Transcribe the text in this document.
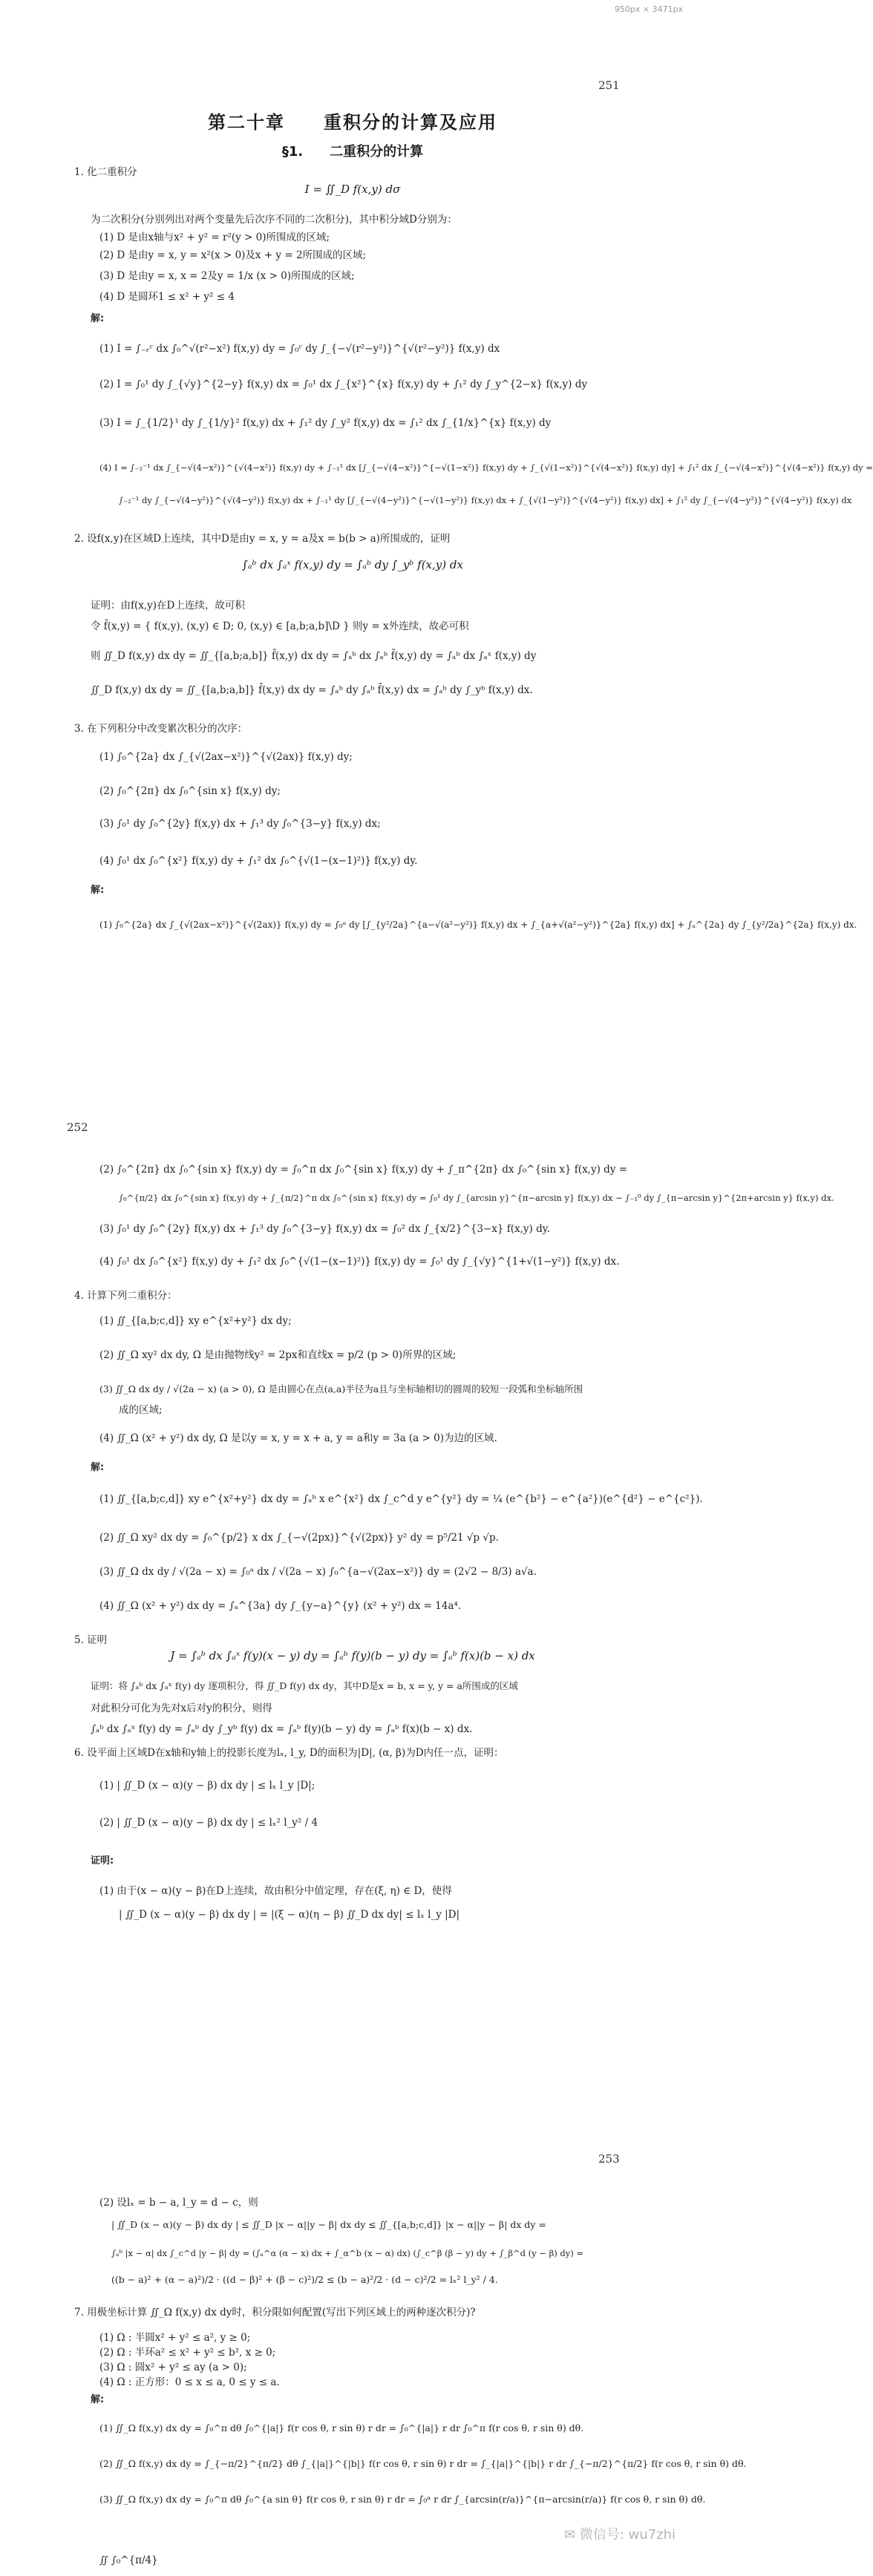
950px × 3471px
251
第二十章　　重积分的计算及应用
§1.　　二重积分的计算
1. 化二重积分
I = ∬_D f(x,y) dσ
为二次积分(分别列出对两个变量先后次序不同的二次积分)，其中积分域D分别为：
(1) D 是由x轴与x² + y² = r²(y > 0)所围成的区域;
(2) D 是由y = x, y = x²(x > 0)及x + y = 2所围成的区域;
(3) D 是由y = x, x = 2及y = 1/x (x > 0)所围成的区域;
(4) D 是圆环1 ≤ x² + y² ≤ 4
解:
(1) I = ∫₋ᵣʳ dx ∫₀^√(r²−x²) f(x,y) dy = ∫₀ʳ dy ∫_{−√(r²−y²)}^{√(r²−y²)} f(x,y) dx
(2) I = ∫₀¹ dy ∫_{√y}^{2−y} f(x,y) dx = ∫₀¹ dx ∫_{x²}^{x} f(x,y) dy + ∫₁² dy ∫_y^{2−x} f(x,y) dy
(3) I = ∫_{1/2}¹ dy ∫_{1/y}² f(x,y) dx + ∫₁² dy ∫_y² f(x,y) dx = ∫₁² dx ∫_{1/x}^{x} f(x,y) dy
(4) I = ∫₋₂⁻¹ dx ∫_{−√(4−x²)}^{√(4−x²)} f(x,y) dy + ∫₋₁¹ dx [∫_{−√(4−x²)}^{−√(1−x²)} f(x,y) dy + ∫_{√(1−x²)}^{√(4−x²)} f(x,y) dy] + ∫₁² dx ∫_{−√(4−x²)}^{√(4−x²)} f(x,y) dy =
∫₋₂⁻¹ dy ∫_{−√(4−y²)}^{√(4−y²)} f(x,y) dx + ∫₋₁¹ dy [∫_{−√(4−y²)}^{−√(1−y²)} f(x,y) dx + ∫_{√(1−y²)}^{√(4−y²)} f(x,y) dx] + ∫₁² dy ∫_{−√(4−y²)}^{√(4−y²)} f(x,y) dx
2. 设f(x,y)在区域D上连续，其中D是由y = x, y = a及x = b(b > a)所围成的，证明
∫ₐᵇ dx ∫ₐˣ f(x,y) dy = ∫ₐᵇ dy ∫_yᵇ f(x,y) dx
证明：由f(x,y)在D上连续，故可积
令 f̄(x,y) = { f(x,y), (x,y) ∈ D; 0, (x,y) ∈ [a,b;a,b]\D } 则y = x外连续，故必可积
则 ∬_D f(x,y) dx dy = ∬_{[a,b;a,b]} f̄(x,y) dx dy = ∫ₐᵇ dx ∫ₐᵇ f̄(x,y) dy = ∫ₐᵇ dx ∫ₐˣ f(x,y) dy
∬_D f(x,y) dx dy = ∬_{[a,b;a,b]} f̄(x,y) dx dy = ∫ₐᵇ dy ∫ₐᵇ f̄(x,y) dx = ∫ₐᵇ dy ∫_yᵇ f(x,y) dx.
3. 在下列积分中改变累次积分的次序：
(1) ∫₀^{2a} dx ∫_{√(2ax−x²)}^{√(2ax)} f(x,y) dy;
(2) ∫₀^{2π} dx ∫₀^{sin x} f(x,y) dy;
(3) ∫₀¹ dy ∫₀^{2y} f(x,y) dx + ∫₁³ dy ∫₀^{3−y} f(x,y) dx;
(4) ∫₀¹ dx ∫₀^{x²} f(x,y) dy + ∫₁² dx ∫₀^{√(1−(x−1)²)} f(x,y) dy.
解:
(1) ∫₀^{2a} dx ∫_{√(2ax−x²)}^{√(2ax)} f(x,y) dy = ∫₀ᵃ dy [∫_{y²/2a}^{a−√(a²−y²)} f(x,y) dx + ∫_{a+√(a²−y²)}^{2a} f(x,y) dx] + ∫ₐ^{2a} dy ∫_{y²/2a}^{2a} f(x,y) dx.
252
(2) ∫₀^{2π} dx ∫₀^{sin x} f(x,y) dy = ∫₀^π dx ∫₀^{sin x} f(x,y) dy + ∫_π^{2π} dx ∫₀^{sin x} f(x,y) dy =
∫₀^{π/2} dx ∫₀^{sin x} f(x,y) dy + ∫_{π/2}^π dx ∫₀^{sin x} f(x,y) dy = ∫₀¹ dy ∫_{arcsin y}^{π−arcsin y} f(x,y) dx − ∫₋₁⁰ dy ∫_{π−arcsin y}^{2π+arcsin y} f(x,y) dx.
(3) ∫₀¹ dy ∫₀^{2y} f(x,y) dx + ∫₁³ dy ∫₀^{3−y} f(x,y) dx = ∫₀² dx ∫_{x/2}^{3−x} f(x,y) dy.
(4) ∫₀¹ dx ∫₀^{x²} f(x,y) dy + ∫₁² dx ∫₀^{√(1−(x−1)²)} f(x,y) dy = ∫₀¹ dy ∫_{√y}^{1+√(1−y²)} f(x,y) dx.
4. 计算下列二重积分：
(1) ∬_{[a,b;c,d]} xy e^{x²+y²} dx dy;
(2) ∬_Ω xy² dx dy, Ω 是由抛物线y² = 2px和直线x = p/2 (p > 0)所界的区域;
(3) ∬_Ω dx dy / √(2a − x) (a > 0), Ω 是由圆心在点(a,a)半径为a且与坐标轴相切的圆周的较短一段弧和坐标轴所围
成的区域;
(4) ∬_Ω (x² + y²) dx dy, Ω 是以y = x, y = x + a, y = a和y = 3a (a > 0)为边的区域.
解:
(1) ∬_{[a,b;c,d]} xy e^{x²+y²} dx dy = ∫ₐᵇ x e^{x²} dx ∫_c^d y e^{y²} dy = ¼ (e^{b²} − e^{a²})(e^{d²} − e^{c²}).
(2) ∬_Ω xy² dx dy = ∫₀^{p/2} x dx ∫_{−√(2px)}^{√(2px)} y² dy = p⁵/21 √p √p.
(3) ∬_Ω dx dy / √(2a − x) = ∫₀ᵃ dx / √(2a − x) ∫₀^{a−√(2ax−x²)} dy = (2√2 − 8/3) a√a.
(4) ∬_Ω (x² + y²) dx dy = ∫ₐ^{3a} dy ∫_{y−a}^{y} (x² + y²) dx = 14a⁴.
5. 证明
J = ∫ₐᵇ dx ∫ₐˣ f(y)(x − y) dy = ∫ₐᵇ f(y)(b − y) dy = ∫ₐᵇ f(x)(b − x) dx
证明：将 ∫ₐᵇ dx ∫ₐˣ f(y) dy 逐项积分，得 ∬_D f(y) dx dy，其中D是x = b, x = y, y = a所围成的区域
对此积分可化为先对x后对y的积分，则得
∫ₐᵇ dx ∫ₐˣ f(y) dy = ∫ₐᵇ dy ∫_yᵇ f(y) dx = ∫ₐᵇ f(y)(b − y) dy = ∫ₐᵇ f(x)(b − x) dx.
6. 设平面上区域D在x轴和y轴上的投影长度为lₓ, l_y, D的面积为|D|, (α, β)为D内任一点，证明：
(1) | ∬_D (x − α)(y − β) dx dy | ≤ lₓ l_y |D|;
(2) | ∬_D (x − α)(y − β) dx dy | ≤ lₓ² l_y² / 4
证明:
(1) 由于(x − α)(y − β)在D上连续，故由积分中值定理，存在(ξ, η) ∈ D，使得
| ∬_D (x − α)(y − β) dx dy | = |(ξ − α)(η − β) ∬_D dx dy| ≤ lₓ l_y |D|
253
(2) 设lₓ = b − a, l_y = d − c，则
| ∬_D (x − α)(y − β) dx dy | ≤ ∬_D |x − α||y − β| dx dy ≤ ∬_{[a,b;c,d]} |x − α||y − β| dx dy =
∫ₐᵇ |x − α| dx ∫_c^d |y − β| dy = (∫ₐ^α (α − x) dx + ∫_α^b (x − α) dx) (∫_c^β (β − y) dy + ∫_β^d (y − β) dy) =
((b − a)² + (α − a)²)/2 · ((d − β)² + (β − c)²)/2 ≤ (b − a)²/2 · (d − c)²/2 = lₓ² l_y² / 4.
7. 用极坐标计算 ∬_Ω f(x,y) dx dy时，积分限如何配置(写出下列区域上的两种逐次积分)?
(1) Ω : 半圆x² + y² ≤ a², y ≥ 0;
(2) Ω : 半环a² ≤ x² + y² ≤ b², x ≥ 0;
(3) Ω : 圆x² + y² ≤ ay (a > 0);
(4) Ω : 正方形：0 ≤ x ≤ a, 0 ≤ y ≤ a.
解:
(1) ∬_Ω f(x,y) dx dy = ∫₀^π dθ ∫₀^{|a|} f(r cos θ, r sin θ) r dr = ∫₀^{|a|} r dr ∫₀^π f(r cos θ, r sin θ) dθ.
(2) ∬_Ω f(x,y) dx dy = ∫_{−π/2}^{π/2} dθ ∫_{|a|}^{|b|} f(r cos θ, r sin θ) r dr = ∫_{|a|}^{|b|} r dr ∫_{−π/2}^{π/2} f(r cos θ, r sin θ) dθ.
(3) ∬_Ω f(x,y) dx dy = ∫₀^π dθ ∫₀^{a sin θ} f(r cos θ, r sin θ) r dr = ∫₀ᵃ r dr ∫_{arcsin(r/a)}^{π−arcsin(r/a)} f(r cos θ, r sin θ) dθ.
∬ ∫₀^{π/4}
✉ 微信号: wu7zhi
